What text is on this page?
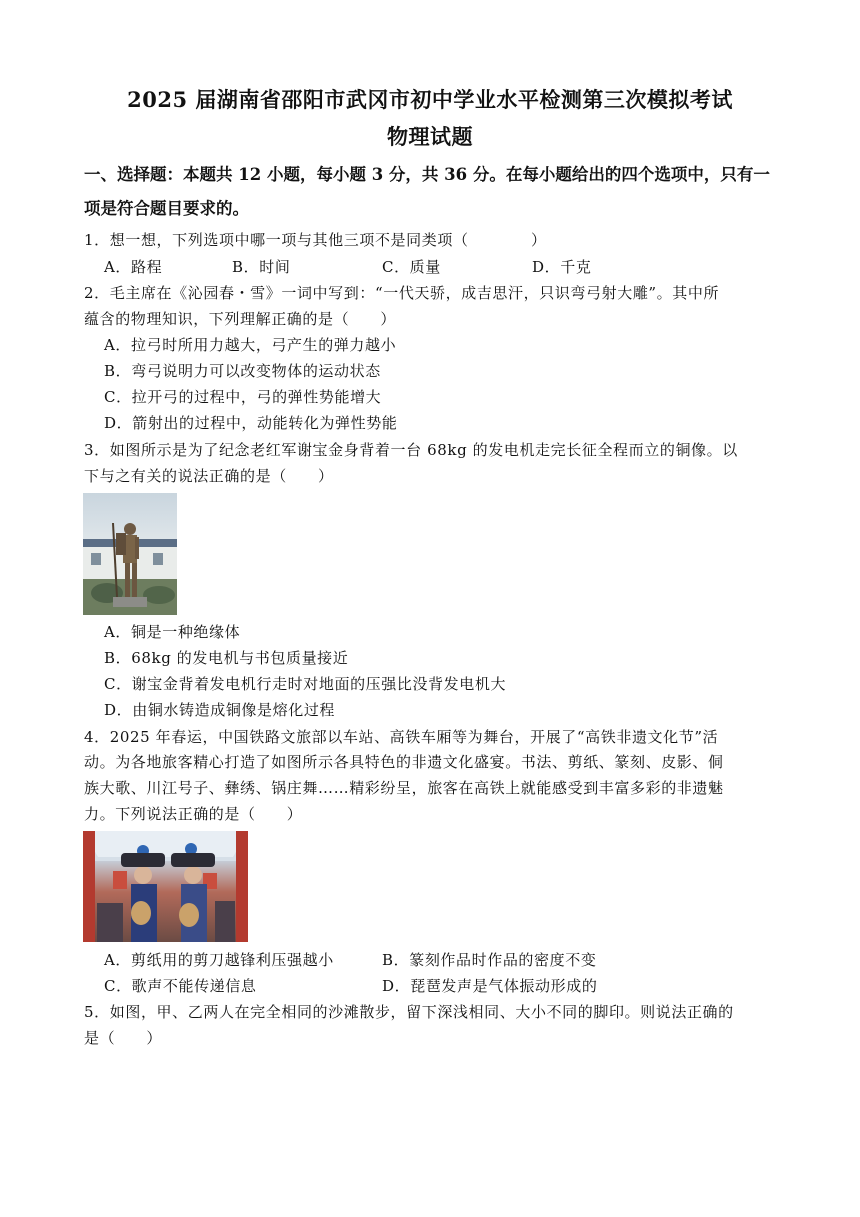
2025 届湖南省邵阳市武冈市初中学业水平检测第三次模拟考试
物理试题
一、选择题：本题共 12 小题，每小题 3 分，共 36 分。在每小题给出的四个选项中，只有一项是符合题目要求的。
1．想一想，下列选项中哪一项与其他三项不是同类项（　　　　）
A．路程	B．时间	C．质量	D．千克
2．毛主席在《沁园春・雪》一词中写到：“一代天骄，成吉思汗，只识弯弓射大雕”。其中所
蕴含的物理知识，下列理解正确的是（　　）
A．拉弓时所用力越大，弓产生的弹力越小
B．弯弓说明力可以改变物体的运动状态
C．拉开弓的过程中，弓的弹性势能增大
D．箭射出的过程中，动能转化为弹性势能
3．如图所示是为了纪念老红军谢宝金身背着一台 68kg 的发电机走完长征全程而立的铜像。以
下与之有关的说法正确的是（　　）
A．铜是一种绝缘体
B．68kg 的发电机与书包质量接近
C．谢宝金背着发电机行走时对地面的压强比没背发电机大
D．由铜水铸造成铜像是熔化过程
4．2025 年春运，中国铁路文旅部以车站、高铁车厢等为舞台，开展了“高铁非遗文化节”活
动。为各地旅客精心打造了如图所示各具特色的非遗文化盛宴。书法、剪纸、篆刻、皮影、侗
族大歌、川江号子、彝绣、锅庄舞……精彩纷呈，旅客在高铁上就能感受到丰富多彩的非遗魅
力。下列说法正确的是（　　）
A．剪纸用的剪刀越锋利压强越小	B．篆刻作品时作品的密度不变
C．歌声不能传递信息	D．琵琶发声是气体振动形成的
5．如图，甲、乙两人在完全相同的沙滩散步，留下深浅相同、大小不同的脚印。则说法正确的
是（　　）
